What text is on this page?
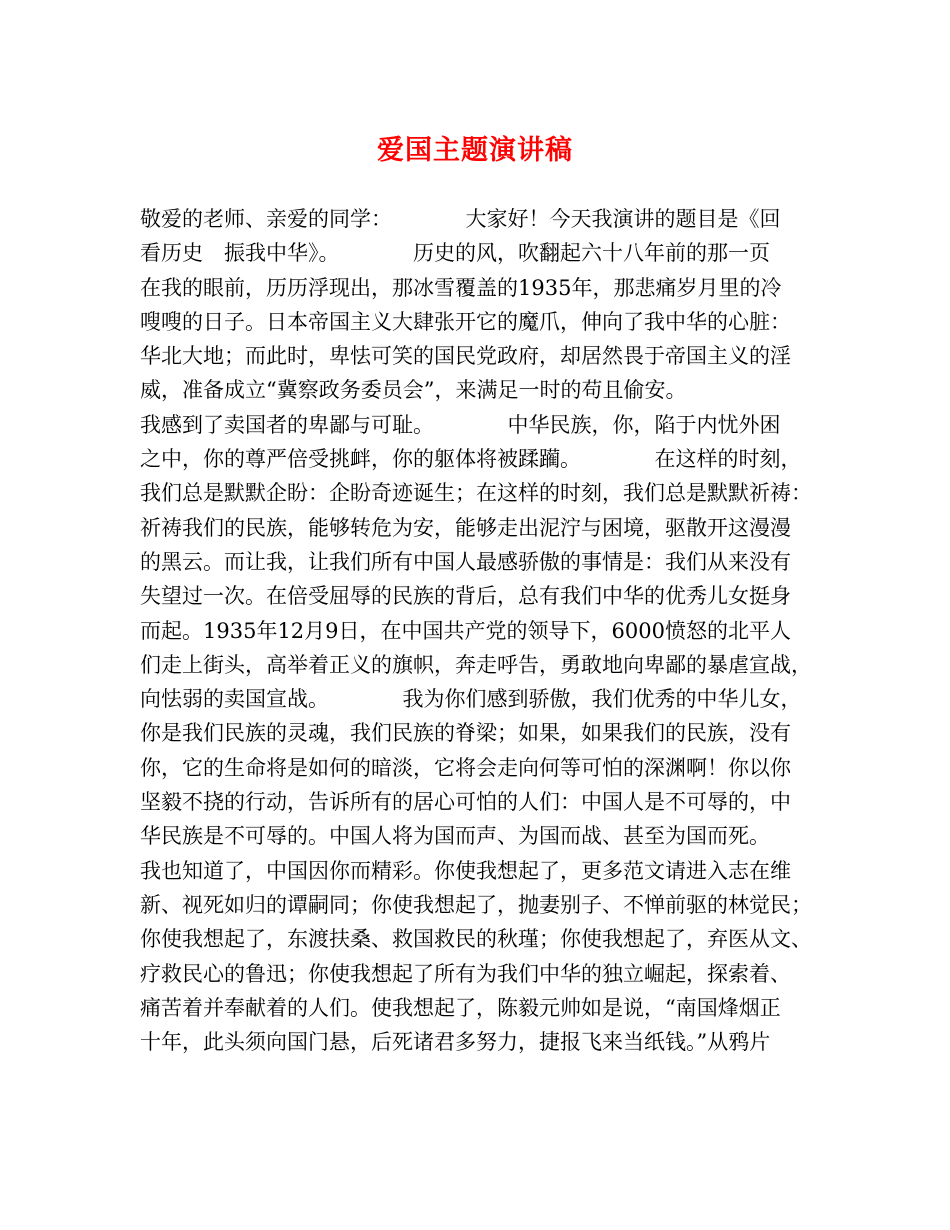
爱国主题演讲稿
敬爱的老师、亲爱的同学：　　　　大家好！今天我演讲的题目是《回
看历史　振我中华》。　　　　历史的风，吹翻起六十八年前的那一页
在我的眼前，历历浮现出，那冰雪覆盖的1935年，那悲痛岁月里的冷
嗖嗖的日子。日本帝国主义大肆张开它的魔爪，伸向了我中华的心脏：
华北大地；而此时，卑怯可笑的国民党政府，却居然畏于帝国主义的淫
威，准备成立“冀察政务委员会”，来满足一时的苟且偷安。
我感到了卖国者的卑鄙与可耻。　　　　中华民族，你，陷于内忧外困
之中，你的尊严倍受挑衅，你的躯体将被蹂躏。　　　　在这样的时刻，
我们总是默默企盼：企盼奇迹诞生；在这样的时刻，我们总是默默祈祷：
祈祷我们的民族，能够转危为安，能够走出泥泞与困境，驱散开这漫漫
的黑云。而让我，让我们所有中国人最感骄傲的事情是：我们从来没有
失望过一次。在倍受屈辱的民族的背后，总有我们中华的优秀儿女挺身
而起。1935年12月9日，在中国共产党的领导下，6000愤怒的北平人
们走上街头，高举着正义的旗帜，奔走呼告，勇敢地向卑鄙的暴虐宣战，
向怯弱的卖国宣战。　　　　我为你们感到骄傲，我们优秀的中华儿女，
你是我们民族的灵魂，我们民族的脊梁；如果，如果我们的民族，没有
你，它的生命将是如何的暗淡，它将会走向何等可怕的深渊啊！你以你
坚毅不挠的行动，告诉所有的居心可怕的人们：中国人是不可辱的，中
华民族是不可辱的。中国人将为国而声、为国而战、甚至为国而死。
我也知道了，中国因你而精彩。你使我想起了，更多范文请进入志在维
新、视死如归的谭嗣同；你使我想起了，抛妻别子、不惮前驱的林觉民；
你使我想起了，东渡扶桑、救国救民的秋瑾；你使我想起了，弃医从文、
疗救民心的鲁迅；你使我想起了所有为我们中华的独立崛起，探索着、
痛苦着并奉献着的人们。使我想起了，陈毅元帅如是说，“南国烽烟正
十年，此头须向国门悬，后死诸君多努力，捷报飞来当纸钱。”从鸦片
